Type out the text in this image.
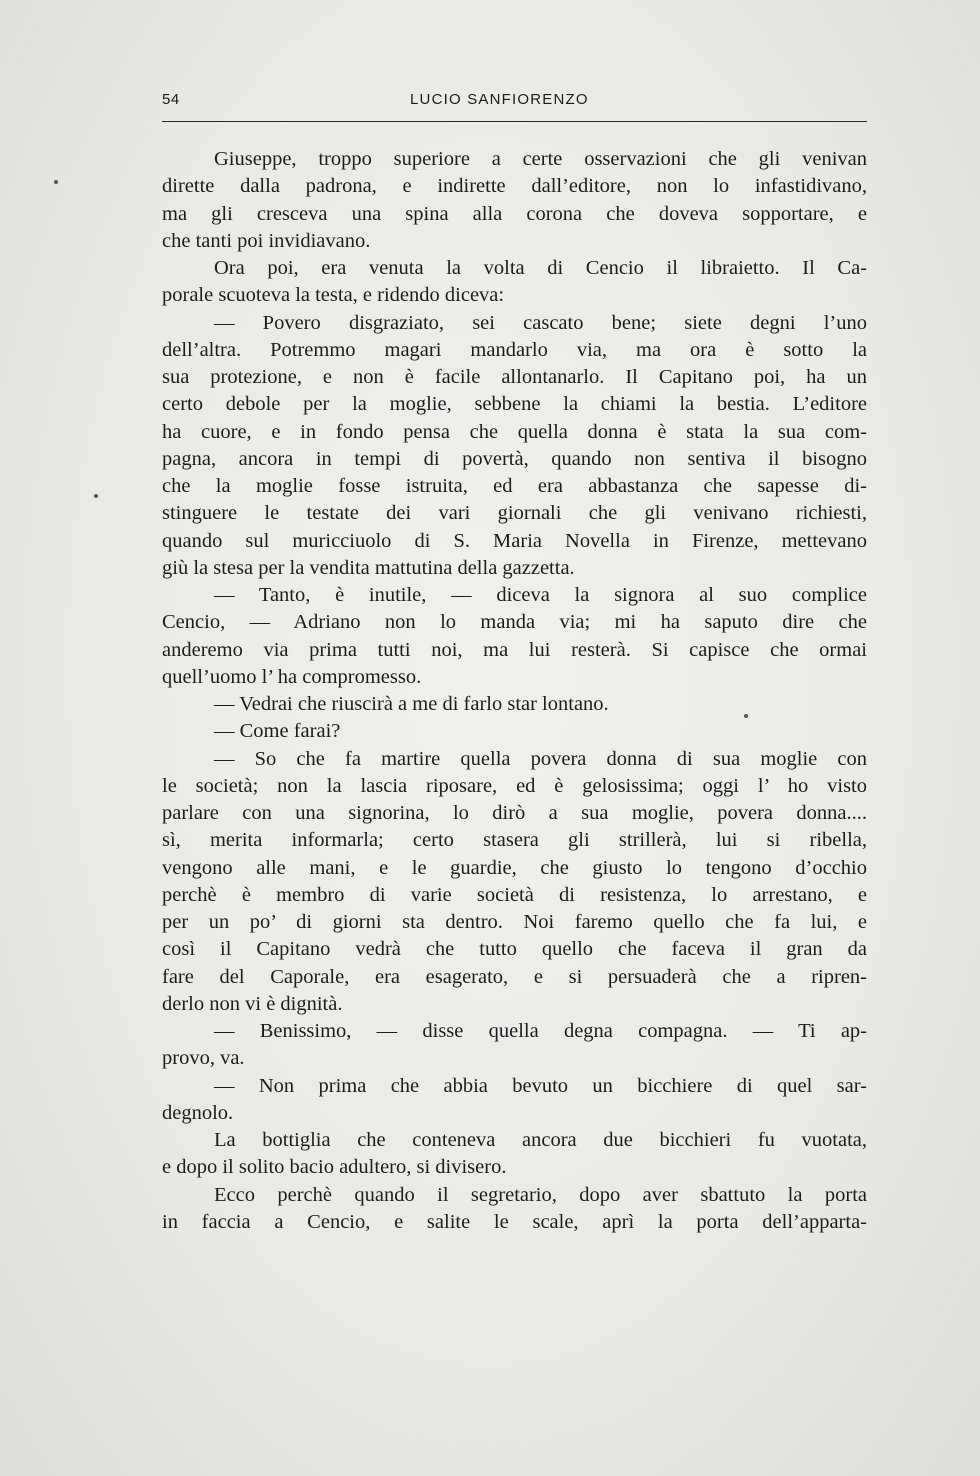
54	LUCIO SANFIORENZO
Giuseppe, troppo superiore a certe osservazioni che gli venivan
dirette dalla padrona, e indirette dall’editore, non lo infastidivano,
ma gli cresceva una spina alla corona che doveva sopportare, e
che tanti poi invidiavano.
Ora poi, era venuta la volta di Cencio il libraietto. Il Ca-
porale scuoteva la testa, e ridendo diceva:
— Povero disgraziato, sei cascato bene; siete degni l’uno
dell’altra. Potremmo magari mandarlo via, ma ora è sotto la
sua protezione, e non è facile allontanarlo. Il Capitano poi, ha un
certo debole per la moglie, sebbene la chiami la bestia. L’editore
ha cuore, e in fondo pensa che quella donna è stata la sua com-
pagna, ancora in tempi di povertà, quando non sentiva il bisogno
che la moglie fosse istruita, ed era abbastanza che sapesse di-
stinguere le testate dei vari giornali che gli venivano richiesti,
quando sul muricciuolo di S. Maria Novella in Firenze, mettevano
giù la stesa per la vendita mattutina della gazzetta.
— Tanto, è inutile, — diceva la signora al suo complice
Cencio, — Adriano non lo manda via; mi ha saputo dire che
anderemo via prima tutti noi, ma lui resterà. Si capisce che ormai
quell’uomo l’ ha compromesso.
— Vedrai che riuscirà a me di farlo star lontano.
— Come farai?
— So che fa martire quella povera donna di sua moglie con
le società; non la lascia riposare, ed è gelosissima; oggi l’ ho visto
parlare con una signorina, lo dirò a sua moglie, povera donna....
sì, merita informarla; certo stasera gli strillerà, lui si ribella,
vengono alle mani, e le guardie, che giusto lo tengono d’occhio
perchè è membro di varie società di resistenza, lo arrestano, e
per un po’ di giorni sta dentro. Noi faremo quello che fa lui, e
così il Capitano vedrà che tutto quello che faceva il gran da
fare del Caporale, era esagerato, e si persuaderà che a ripren-
derlo non vi è dignità.
— Benissimo, — disse quella degna compagna. — Ti ap-
provo, va.
— Non prima che abbia bevuto un bicchiere di quel sar-
degnolo.
La bottiglia che conteneva ancora due bicchieri fu vuotata,
e dopo il solito bacio adultero, si divisero.
Ecco perchè quando il segretario, dopo aver sbattuto la porta
in faccia a Cencio, e salite le scale, aprì la porta dell’apparta-
